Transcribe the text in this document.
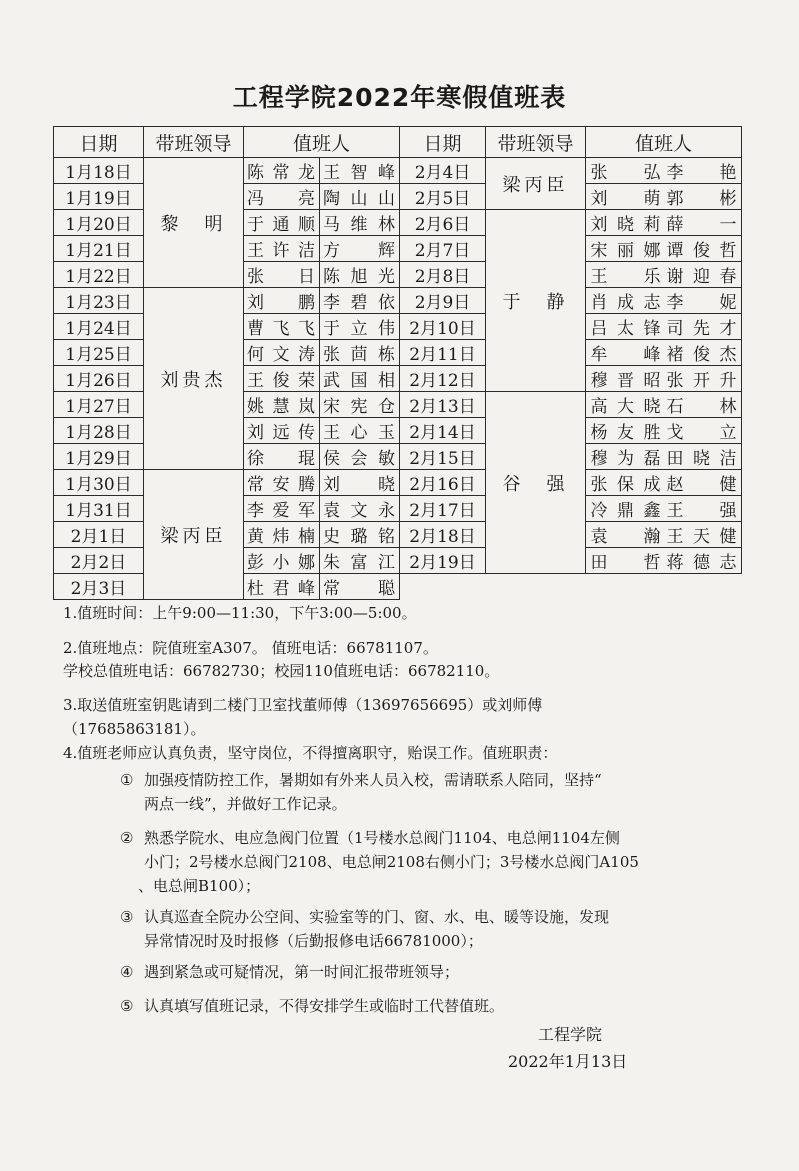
工程学院2022年寒假值班表
日期	带班领导	值班人		日期	带班领导	值班人
1月18日	黎　明	陈常龙	王智峰	2月4日	梁丙臣	张　弘 李　艳
1月19日		冯　亮	陶山山	2月5日		刘　萌 郭　彬
1月20日		于通顺	马维林	2月6日	于　静	刘晓莉 薛　一
1月21日		王许洁	方　辉	2月7日		宋丽娜 谭俊哲
1月22日		张　日	陈旭光	2月8日		王　乐 谢迎春
1月23日	刘贵杰	刘　鹏	李碧依	2月9日		肖成志 李　妮
1月24日		曹飞飞	于立伟	2月10日		吕太锋 司先才
1月25日		何文涛	张茴栋	2月11日		牟　峰 褚俊杰
1月26日		王俊荣	武国相	2月12日		穆晋昭 张开升
1月27日		姚慧岚	宋宪仓	2月13日	谷　强	高大晓 石　林
1月28日		刘远传	王心玉	2月14日		杨友胜 戈　立
1月29日		徐　琨	侯会敏	2月15日		穆为磊 田晓洁
1月30日	梁丙臣	常安腾	刘　晓	2月16日		张保成 赵　健
1月31日		李爱军	袁文永	2月17日		冷鼎鑫 王　强
2月1日		黄炜楠	史璐铭	2月18日		袁　瀚 王天健
2月2日		彭小娜	朱富江	2月19日		田　哲 蒋德志
2月3日		杜君峰	常　聪			
1.值班时间：上午9:00—11:30，下午3:00—5:00。
2.值班地点：院值班室A307。 值班电话：66781107。
学校总值班电话：66782730；校园110值班电话：66782110。
3.取送值班室钥匙请到二楼门卫室找董师傅（13697656695）或刘师傅
（17685863181）。
4.值班老师应认真负责，坚守岗位，不得擅离职守，贻误工作。值班职责：
① 加强疫情防控工作，暑期如有外来人员入校，需请联系人陪同，坚持“
两点一线”，并做好工作记录。
② 熟悉学院水、电应急阀门位置（1号楼水总阀门1104、电总闸1104左侧
小门；2号楼水总阀门2108、电总闸2108右侧小门；3号楼水总阀门A105
、电总闸B100）；
③ 认真巡查全院办公空间、实验室等的门、窗、水、电、暖等设施，发现
异常情况时及时报修（后勤报修电话66781000）；
④ 遇到紧急或可疑情况，第一时间汇报带班领导；
⑤ 认真填写值班记录，不得安排学生或临时工代替值班。
工程学院
2022年1月13日
